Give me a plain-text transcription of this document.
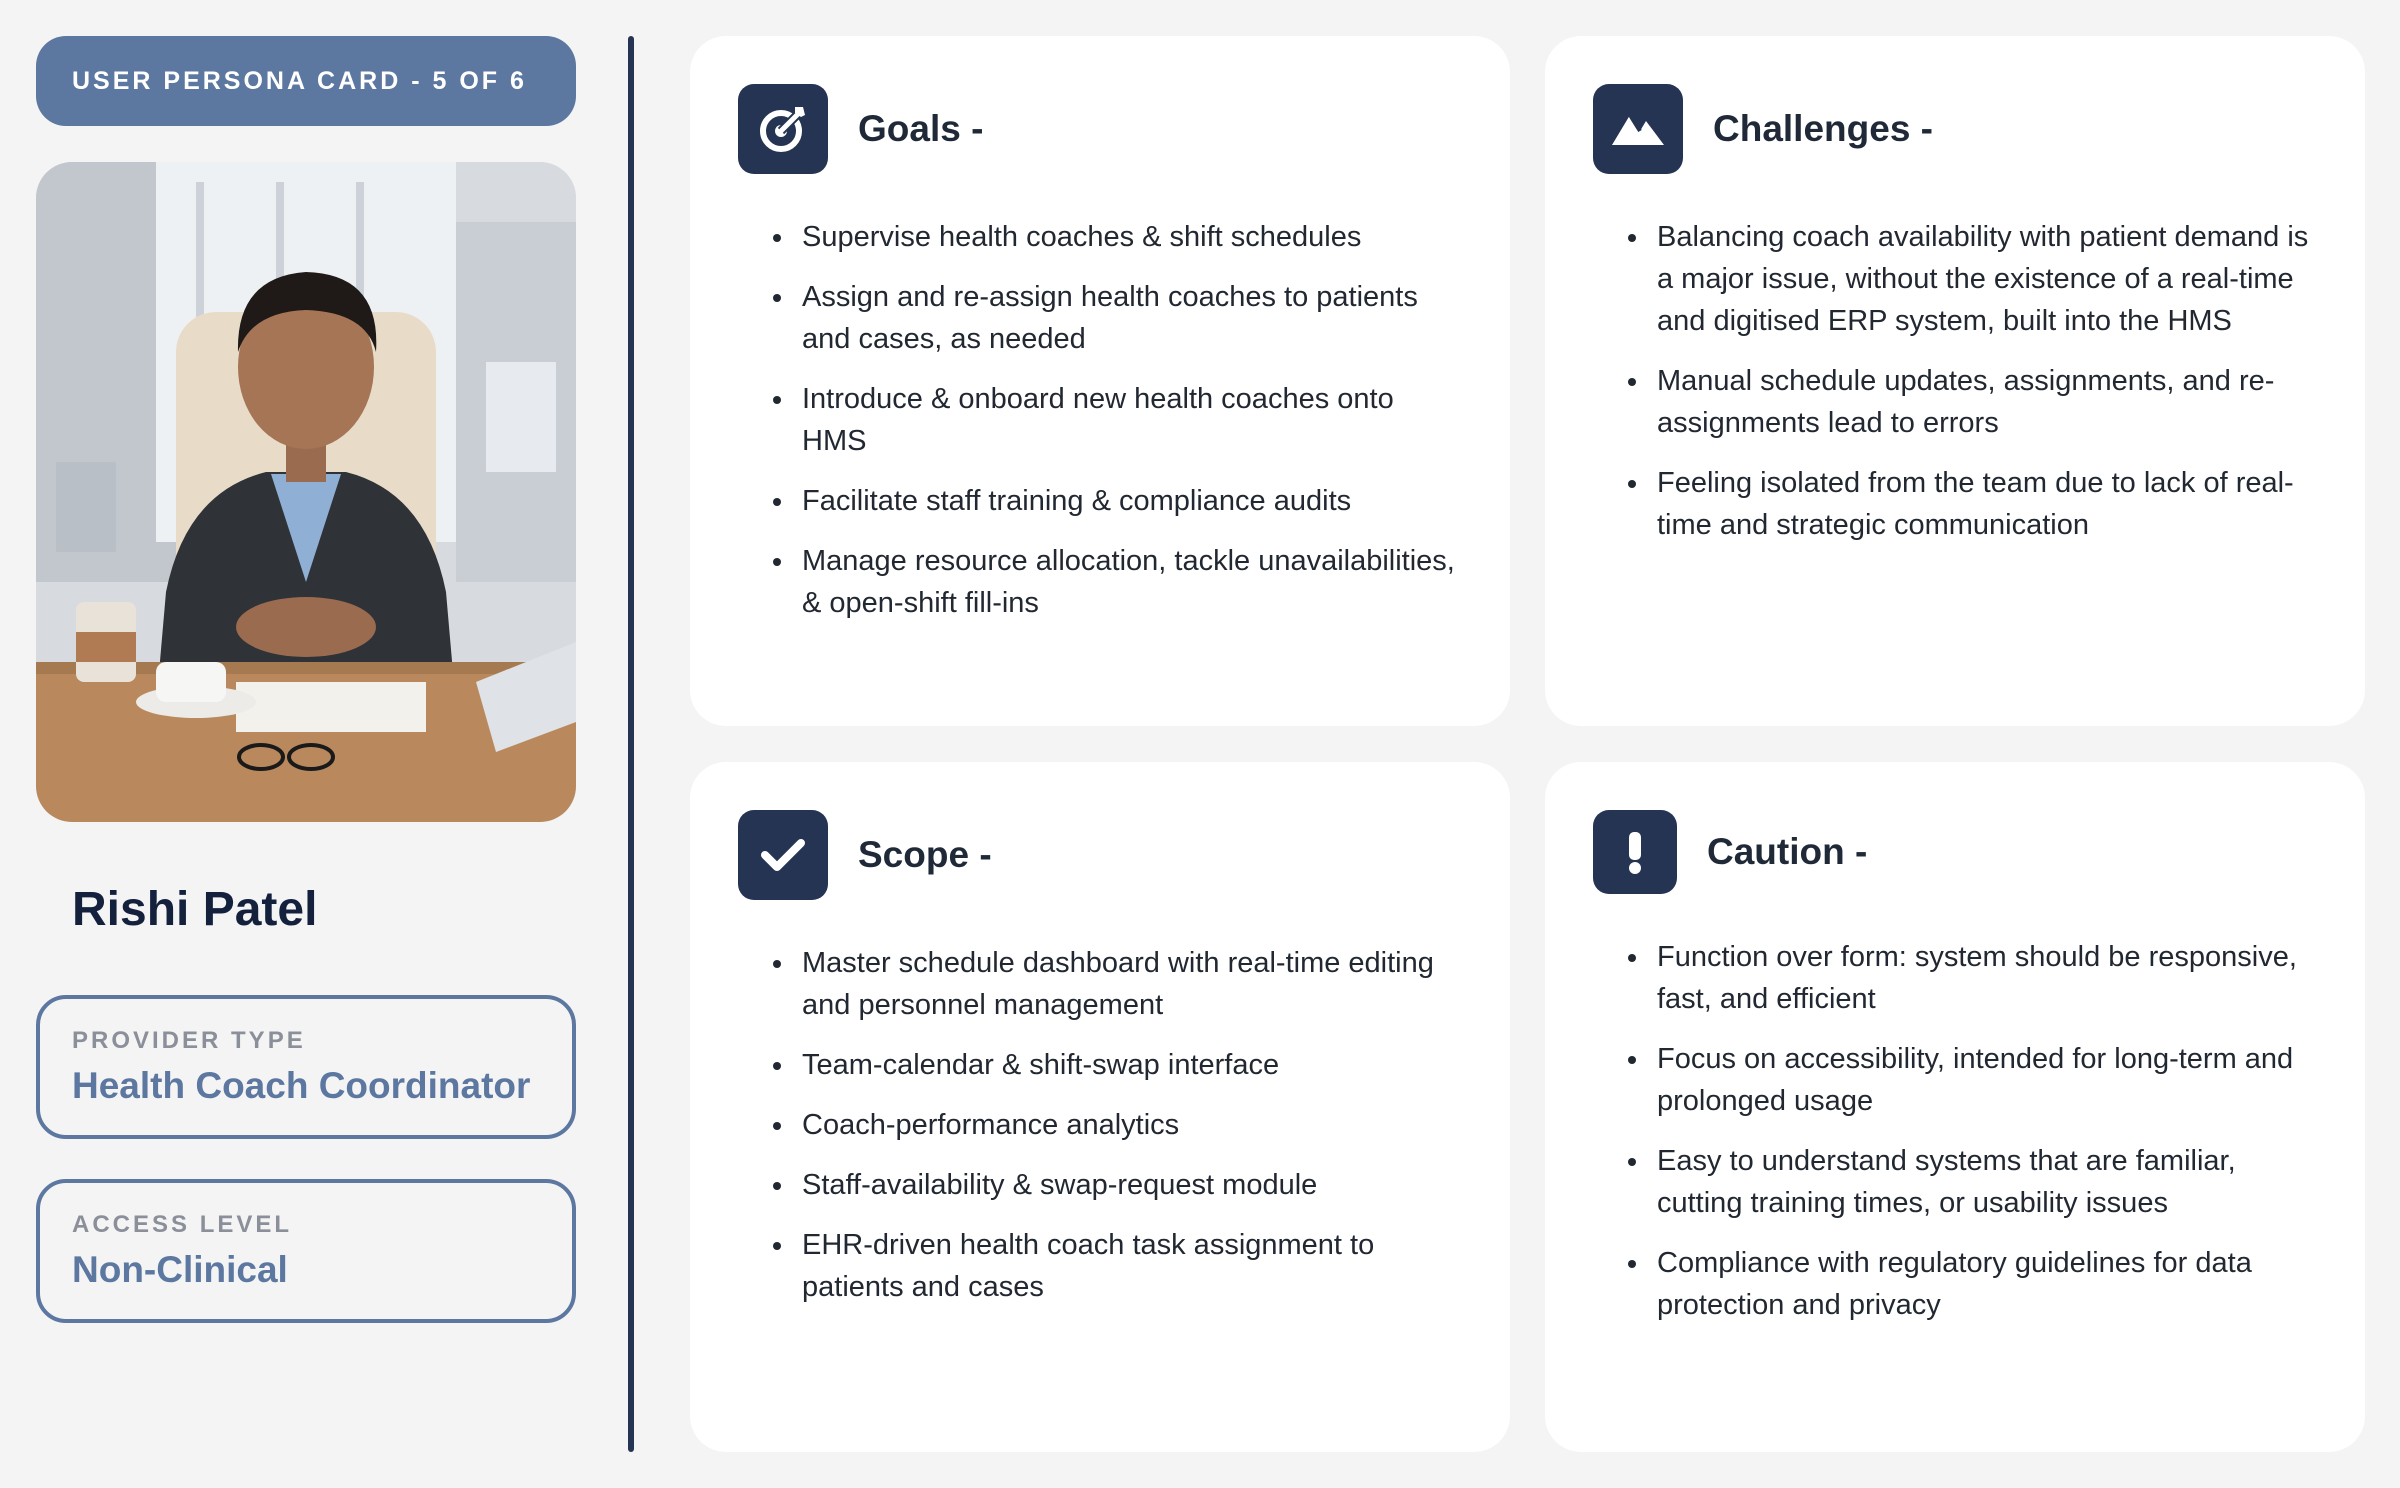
USER PERSONA CARD - 5 OF 6
Rishi Patel
PROVIDER TYPE
Health Coach Coordinator
ACCESS LEVEL
Non-Clinical
Goals -
• Supervise health coaches & shift schedules
• Assign and re-assign health coaches to patients and cases, as needed
• Introduce & onboard new health coaches onto HMS
• Facilitate staff training & compliance audits
• Manage resource allocation, tackle unavailabilities, & open-shift fill-ins
Challenges -
• Balancing coach availability with patient demand is a major issue, without the existence of a real-time and digitised ERP system, built into the HMS
• Manual schedule updates, assignments, and re-assignments lead to errors
• Feeling isolated from the team due to lack of real-time and strategic communication
Scope -
• Master schedule dashboard with real-time editing and personnel management
• Team-calendar & shift-swap interface
• Coach-performance analytics
• Staff-availability & swap-request module
• EHR-driven health coach task assignment to patients and cases
Caution -
• Function over form: system should be responsive, fast, and efficient
• Focus on accessibility, intended for long-term and prolonged usage
• Easy to understand systems that are familiar, cutting training times, or usability issues
• Compliance with regulatory guidelines for data protection and privacy
